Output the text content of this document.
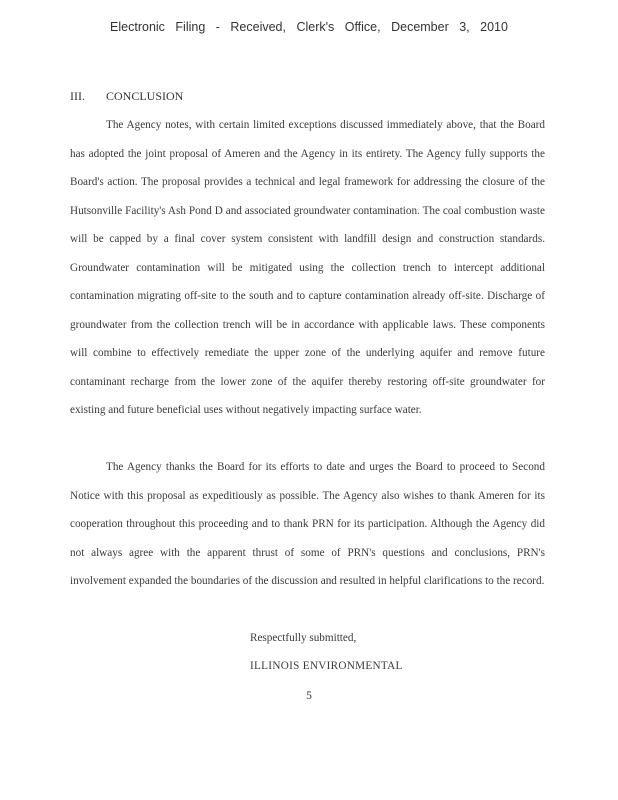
Electronic Filing - Received, Clerk's Office, December 3, 2010
III. CONCLUSION

The Agency notes, with certain limited exceptions discussed immediately above, that the Board has adopted the joint proposal of Ameren and the Agency in its entirety. The Agency fully supports the Board's action. The proposal provides a technical and legal framework for addressing the closure of the Hutsonville Facility's Ash Pond D and associated groundwater contamination. The coal combustion waste will be capped by a final cover system consistent with landfill design and construction standards. Groundwater contamination will be mitigated using the collection trench to intercept additional contamination migrating off-site to the south and to capture contamination already off-site. Discharge of groundwater from the collection trench will be in accordance with applicable laws. These components will combine to effectively remediate the upper zone of the underlying aquifer and remove future contaminant recharge from the lower zone of the aquifer thereby restoring off-site groundwater for existing and future beneficial uses without negatively impacting surface water.

The Agency thanks the Board for its efforts to date and urges the Board to proceed to Second Notice with this proposal as expeditiously as possible. The Agency also wishes to thank Ameren for its cooperation throughout this proceeding and to thank PRN for its participation. Although the Agency did not always agree with the apparent thrust of some of PRN's questions and conclusions, PRN's involvement expanded the boundaries of the discussion and resulted in helpful clarifications to the record.

Respectfully submitted,
ILLINOIS ENVIRONMENTAL
5
